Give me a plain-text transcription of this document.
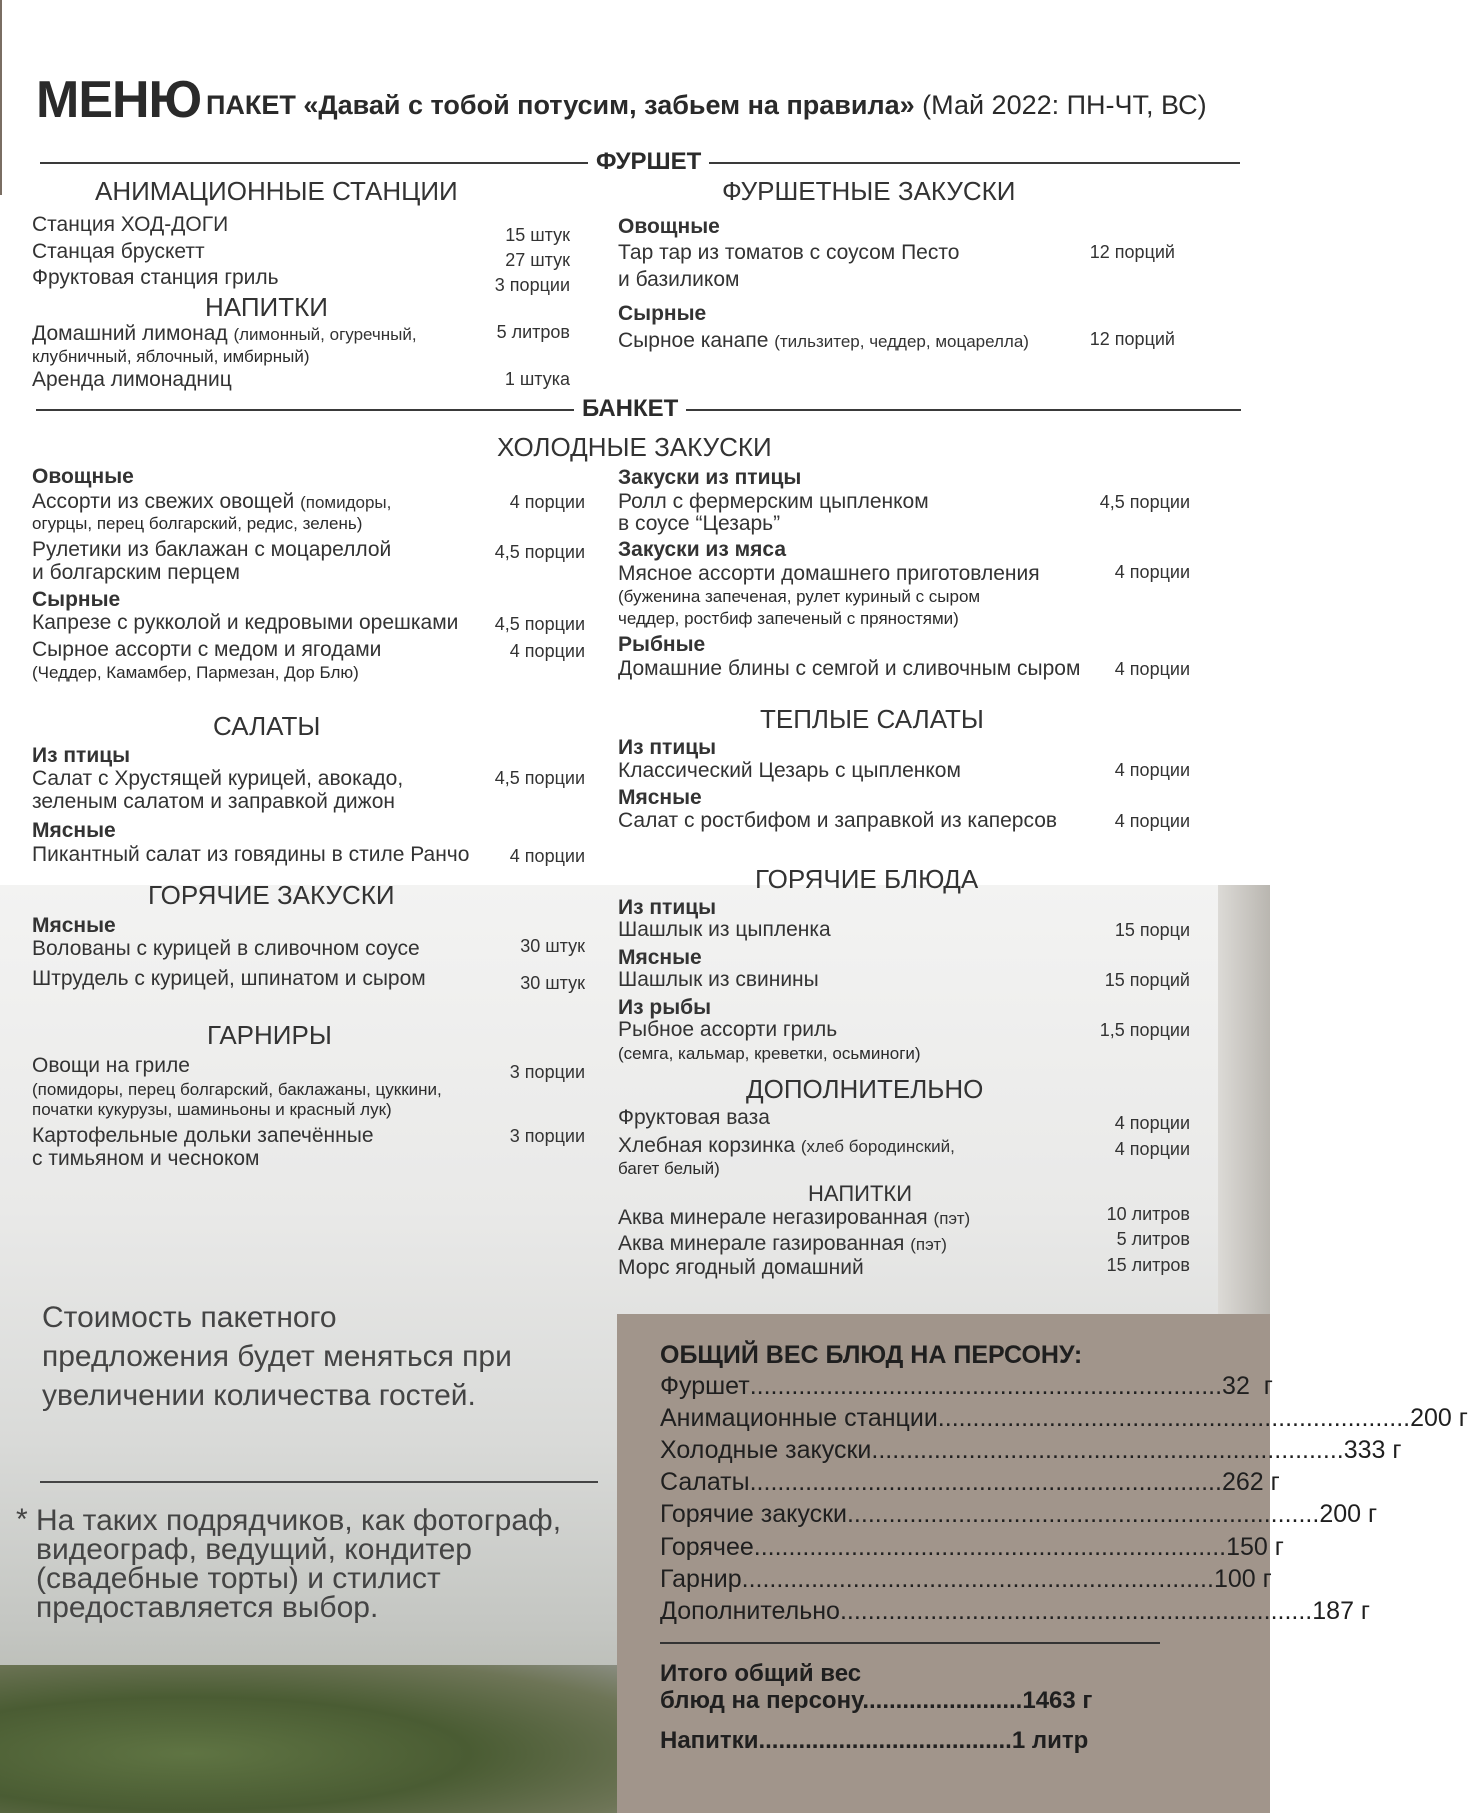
МЕНЮ ПАКЕТ «Давай с тобой потусим, забьем на правила» (Май 2022: ПН-ЧТ, ВС)
ФУРШЕТ
АНИМАЦИОННЫЕ СТАНЦИИ
Станция ХОД-ДОГИ	15 штук
Станцая брускетт	27 штук
Фруктовая станция гриль	3 порции
НАПИТКИ
Домашний лимонад (лимонный, огуречный,
клубничный, яблочный, имбирный)
5 литров
Аренда лимонадниц	1 штука
ФУРШЕТНЫЕ ЗАКУСКИ
Овощные
Тар тар из томатов с соусом Песто
и базиликом
12 порций
Сырные
Сырное канапе (тильзитер, чеддер, моцарелла)	12 порций
БАНКЕТ
ХОЛОДНЫЕ ЗАКУСКИ
Овощные
Ассорти из свежих овощей (помидоры,
огурцы, перец болгарский, редис, зелень)
4 порции
Рулетики из баклажан с моцареллой
и болгарским перцем
4,5 порции
Сырные
Капрезе с рукколой и кедровыми орешками	4,5 порции
Сырное ассорти с медом и ягодами
(Чеддер, Камамбер, Пармезан, Дор Блю)
4 порции
Закуски из птицы
Ролл с фермерским цыпленком
в соусе “Цезарь”
4,5 порции
Закуски из мяса
Мясное ассорти домашнего приготовления
(буженина запеченая, рулет куриный с сыром
чеддер, ростбиф запеченый с пряностями)
4 порции
Рыбные
Домашние блины с семгой и сливочным сыром	4 порции
САЛАТЫ
Из птицы
Салат с Хрустящей курицей, авокадо,
зеленым салатом и заправкой дижон
4,5 порции
Мясные
Пикантный салат из говядины в стиле Ранчо	4 порции
ТЕПЛЫЕ САЛАТЫ
Из птицы
Классический Цезарь с цыпленком	4 порции
Мясные
Салат с ростбифом и заправкой из каперсов	4 порции
ГОРЯЧИЕ ЗАКУСКИ
Мясные
Волованы с курицей в сливочном соусе	30 штук
Штрудель с курицей, шпинатом и сыром	30 штук
ГАРНИРЫ
Овощи на гриле
(помидоры, перец болгарский, баклажаны, цуккини,
початки кукурузы, шаминьоны и красный лук)
3 порции
Картофельные дольки запечённые
с тимьяном и чесноком
3 порции
ГОРЯЧИЕ БЛЮДА
Из птицы
Шашлык из цыпленка	15 порци
Мясные
Шашлык из свинины	15 порций
Из рыбы
Рыбное ассорти гриль
(семга, кальмар, креветки, осьминоги)
1,5 порции
ДОПОЛНИТЕЛЬНО
Фруктовая ваза	4 порции
Хлебная корзинка (хлеб бородинский,
багет белый)
4 порции
НАПИТКИ
Аква минерале негазированная (пэт)	10 литров
Аква минерале газированная (пэт)	5 литров
Морс ягодный домашний	15 литров
Стоимость пакетного предложения будет меняться при увеличении количества гостей.
* На таких подрядчиков, как фотограф, видеограф, ведущий, кондитер (свадебные торты) и стилист предоставляется выбор.
ОБЩИЙ ВЕС БЛЮД НА ПЕРСОНУ:
Фуршет .................................................................... 32  г
Анимационные станции .................................................................... 200 г
Холодные закуски .................................................................... 333 г
Салаты .................................................................... 262 г
Горячие закуски .................................................................... 200 г
Горячее .................................................................... 150 г
Гарнир .................................................................... 100 г
Дополнительно .................................................................... 187 г
Итого общий вес
блюд на персону........................1463 г
Напитки......................................1 литр
